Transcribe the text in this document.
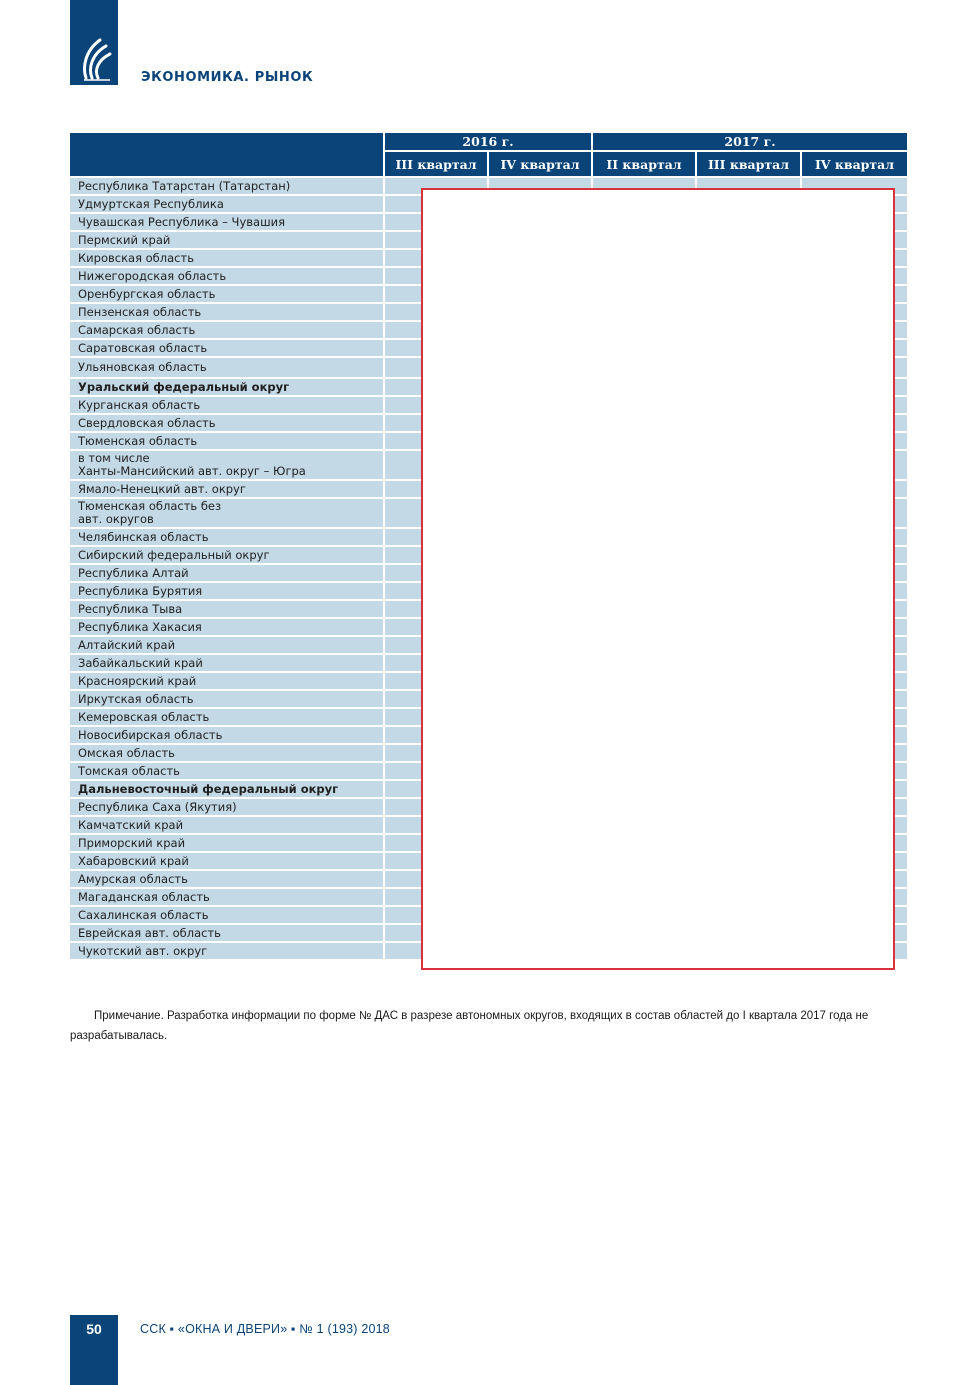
ЭКОНОМИКА. РЫНОК
	2016 г.		2017 г.		
	III квартал	IV квартал	II квартал	III квартал	IV квартал
Республика Татарстан (Татарстан)					
Удмуртская Республика					
Чувашская Республика – Чувашия					
Пермский край					
Кировская область					
Нижегородская область					
Оренбургская область					
Пензенская область					
Самарская область					
Саратовская область					
Ульяновская область					
Уральский федеральный округ					
Курганская область					
Свердловская область					
Тюменская область					
в том числе
Ханты-Мансийский авт. округ – Югра					
Ямало-Ненецкий авт. округ					
Тюменская область без
авт. округов					
Челябинская область					
Сибирский федеральный округ					
Республика Алтай					
Республика Бурятия					
Республика Тыва					
Республика Хакасия					
Алтайский край					
Забайкальский край					
Красноярский край					
Иркутская область					
Кемеровская область					
Новосибирская область					
Омская область					
Томская область					
Дальневосточный федеральный округ					
Республика Саха (Якутия)					
Камчатский край					
Приморский край					
Хабаровский край					
Амурская область					
Магаданская область					
Сахалинская область					
Еврейская авт. область					
Чукотский авт. округ					
Примечание. Разработка информации по форме № ДАС в разрезе автономных округов, входящих в состав областей до I квартала 2017 года не разрабатывалась.
50	ССК ▪ «ОКНА И ДВЕРИ» ▪ № 1 (193) 2018
